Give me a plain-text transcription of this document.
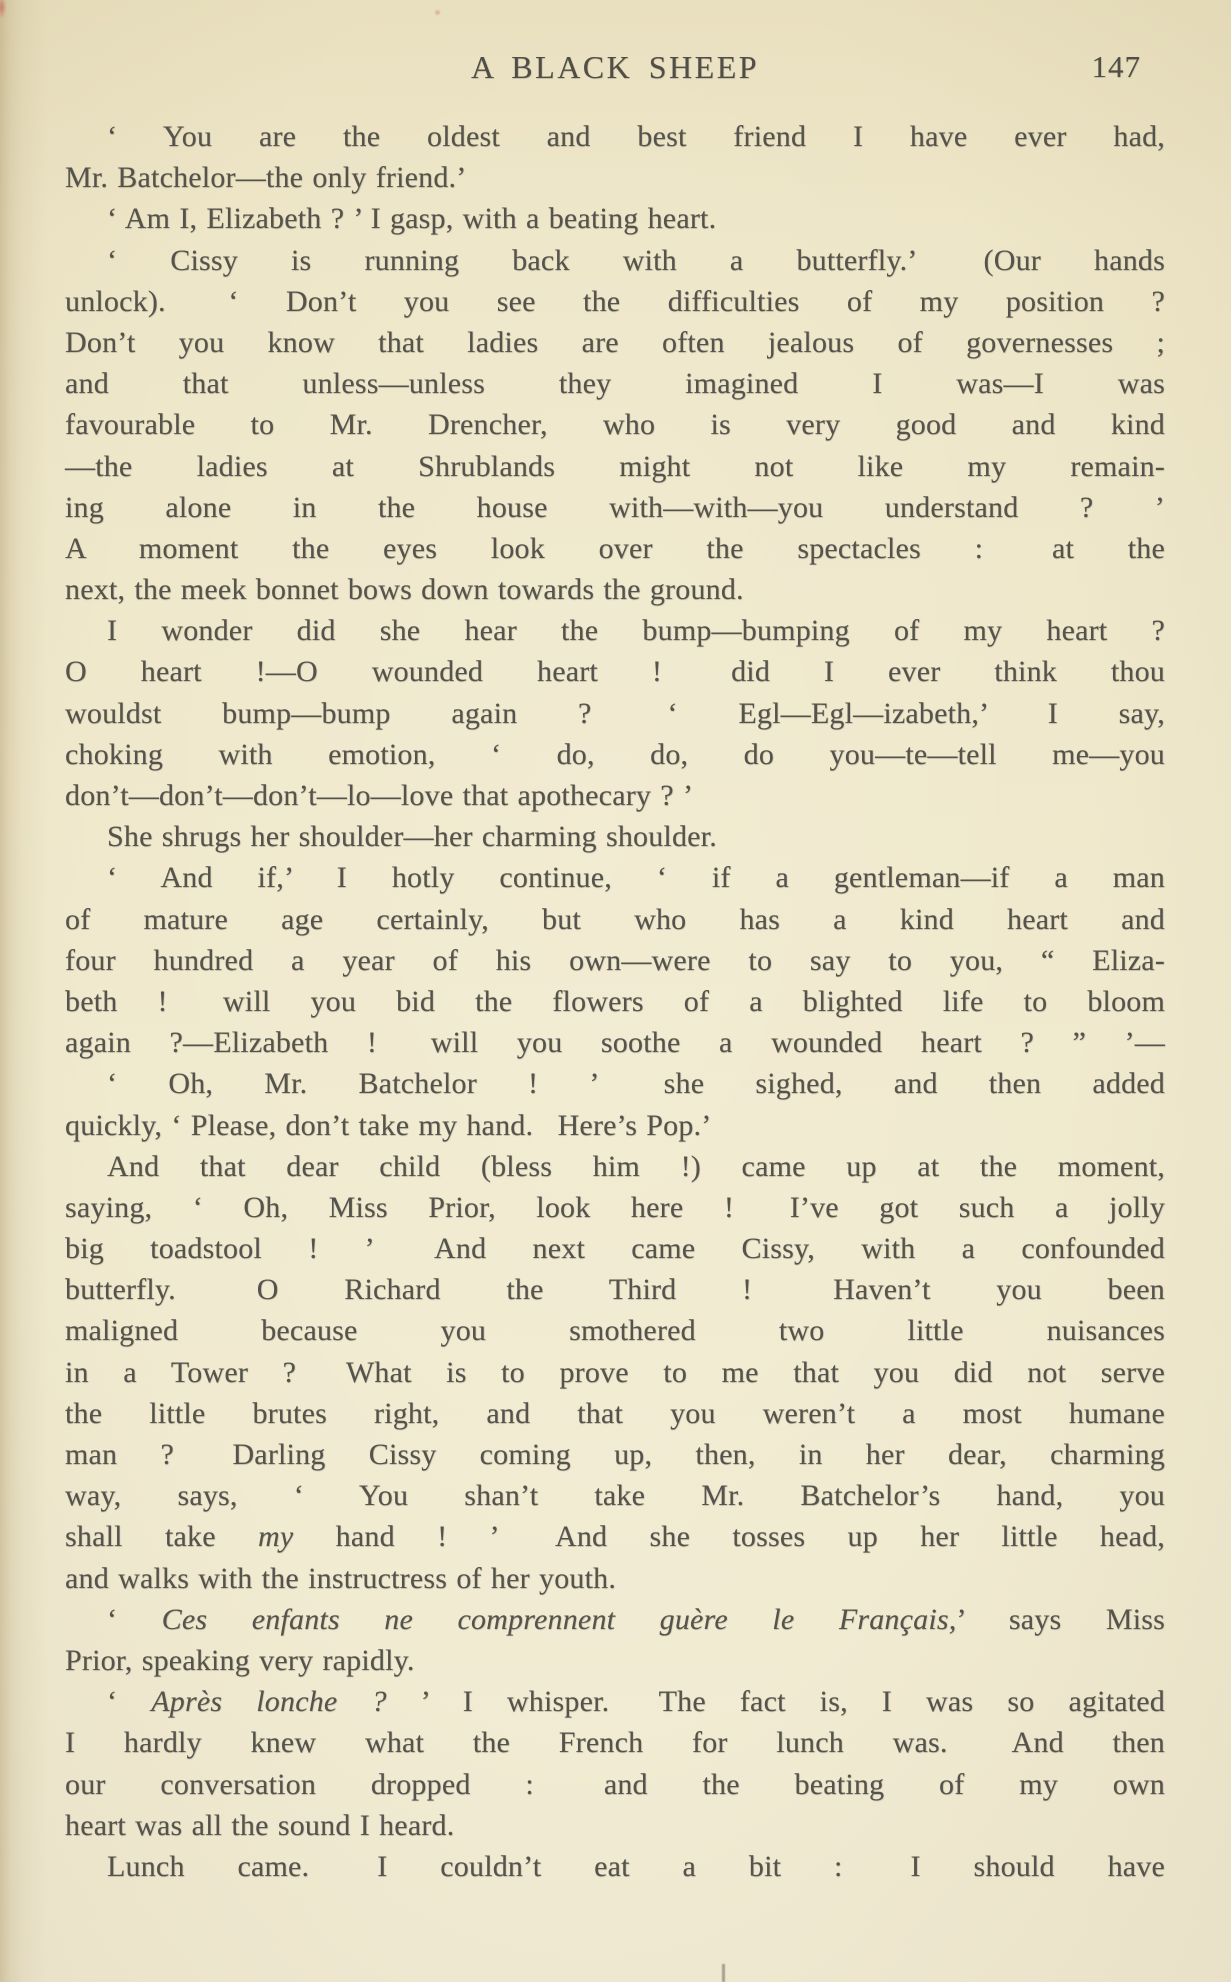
A BLACK SHEEP	147
‘ You are the oldest and best friend I have ever had,
Mr. Batchelor—the only friend.’
‘ Am I, Elizabeth ? ’ I gasp, with a beating heart.
‘ Cissy is running back with a butterfly.’  (Our hands
unlock).  ‘ Don’t you see the difficulties of my position ?
Don’t you know that ladies are often jealous of governesses ;
and that unless—unless they imagined I was—I was
favourable to Mr. Drencher, who is very good and kind
—the ladies at Shrublands might not like my remain-
ing alone in the house with—with—you understand ? ’
A moment the eyes look over the spectacles :  at the
next, the meek bonnet bows down towards the ground.
I wonder did she hear the bump—bumping of my heart ?
O heart !—O wounded heart !  did I ever think thou
wouldst bump—bump again ?  ‘ Egl—Egl—izabeth,’ I say,
choking with emotion, ‘ do, do, do you—te—tell me—you
don’t—don’t—don’t—lo—love that apothecary ? ’
She shrugs her shoulder—her charming shoulder.
‘ And if,’ I hotly continue, ‘ if a gentleman—if a man
of mature age certainly, but who has a kind heart and
four hundred a year of his own—were to say to you, “ Eliza-
beth !  will you bid the flowers of a blighted life to bloom
again ?—Elizabeth !  will you soothe a wounded heart ? ” ’—
‘ Oh, Mr. Batchelor ! ’  she sighed, and then added
quickly, ‘ Please, don’t take my hand.  Here’s Pop.’
And that dear child (bless him !) came up at the moment,
saying, ‘ Oh, Miss Prior, look here !  I’ve got such a jolly
big toadstool ! ’  And next came Cissy, with a confounded
butterfly.  O Richard the Third !  Haven’t you been
maligned because you smothered two little nuisances
in a Tower ?  What is to prove to me that you did not serve
the little brutes right, and that you weren’t a most humane
man ?  Darling Cissy coming up, then, in her dear, charming
way, says, ‘ You shan’t take Mr. Batchelor’s hand, you
shall take my hand ! ’  And she tosses up her little head,
and walks with the instructress of her youth.
‘ Ces enfants ne comprennent guère le Français,’ says Miss
Prior, speaking very rapidly.
‘ Après lonche ? ’ I whisper.  The fact is, I was so agitated
I hardly knew what the French for lunch was.  And then
our conversation dropped :  and the beating of my own
heart was all the sound I heard.
Lunch came.  I couldn’t eat a bit :  I should have
